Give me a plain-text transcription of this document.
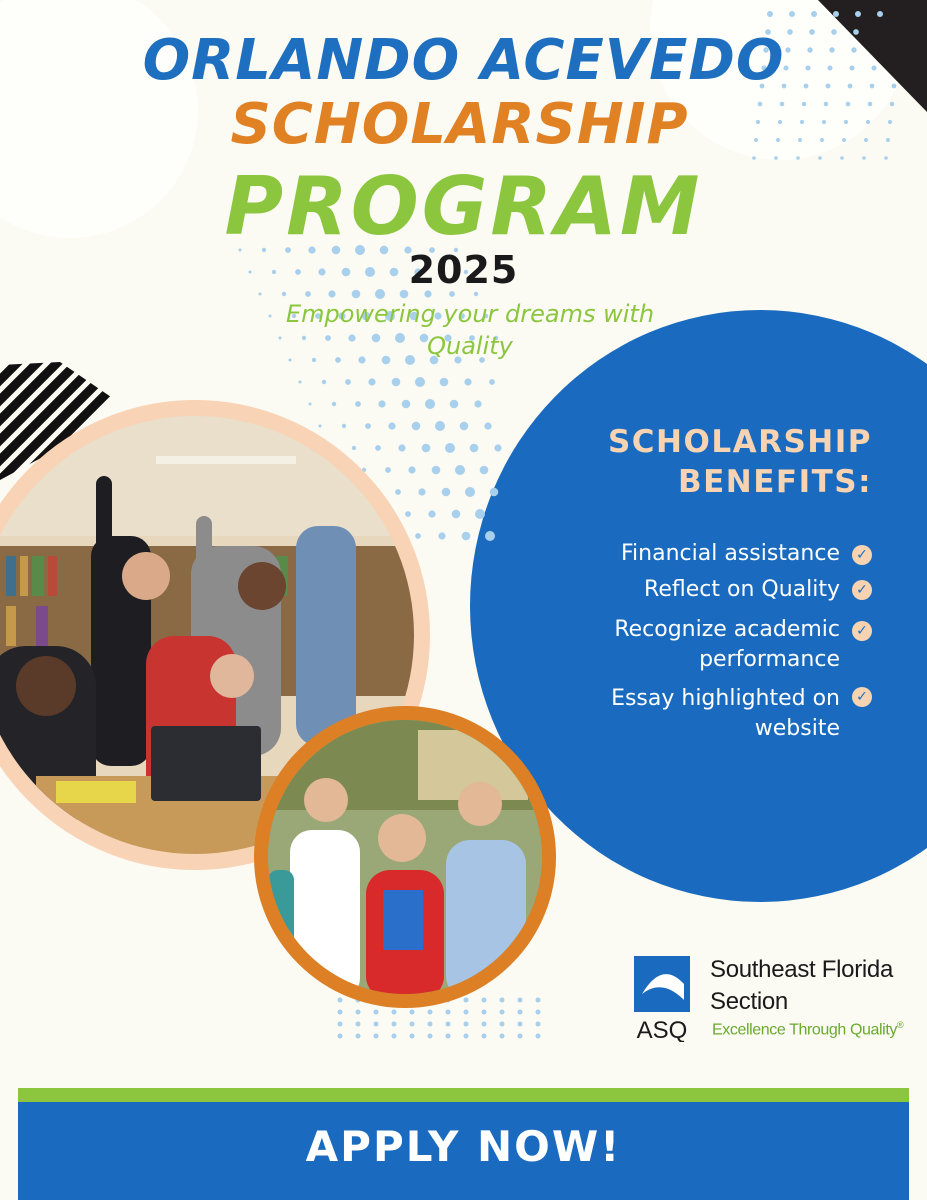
ORLANDO ACEVEDO
SCHOLARSHIP
PROGRAM
2025
Empowering your dreams with Quality
SCHOLARSHIP
BENEFITS:
Financial assistance ✓
Reflect on Quality ✓
Recognize academic performance
✓
Essay highlighted on website
✓
ASQ
Southeast Florida
Section
Excellence Through Quality®
APPLY NOW!
